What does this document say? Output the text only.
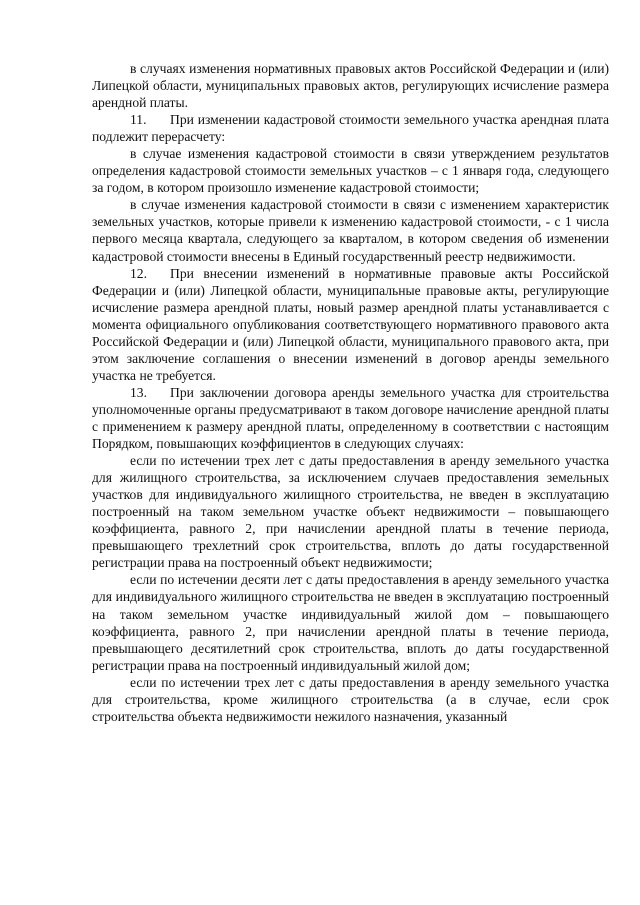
в случаях изменения нормативных правовых актов Российской Федерации и (или) Липецкой области, муниципальных правовых актов, регулирующих исчисление размера арендной платы.

11. При изменении кадастровой стоимости земельного участка арендная плата подлежит перерасчету:

в случае изменения кадастровой стоимости в связи утверждением результатов определения кадастровой стоимости земельных участков – с 1 января года, следующего за годом, в котором произошло изменение кадастровой стоимости;

в случае изменения кадастровой стоимости в связи с изменением характеристик земельных участков, которые привели к изменению кадастровой стоимости, - с 1 числа первого месяца квартала, следующего за кварталом, в котором сведения об изменении кадастровой стоимости внесены в Единый государственный реестр недвижимости.

12. При внесении изменений в нормативные правовые акты Российской Федерации и (или) Липецкой области, муниципальные правовые акты, регулирующие исчисление размера арендной платы, новый размер арендной платы устанавливается с момента официального опубликования соответствующего нормативного правового акта Российской Федерации и (или) Липецкой области, муниципального правового акта, при этом заключение соглашения о внесении изменений в договор аренды земельного участка не требуется.

13. При заключении договора аренды земельного участка для строительства уполномоченные органы предусматривают в таком договоре начисление арендной платы с применением к размеру арендной платы, определенному в соответствии с настоящим Порядком, повышающих коэффициентов в следующих случаях:

если по истечении трех лет с даты предоставления в аренду земельного участка для жилищного строительства, за исключением случаев предоставления земельных участков для индивидуального жилищного строительства, не введен в эксплуатацию построенный на таком земельном участке объект недвижимости – повышающего коэффициента, равного 2, при начислении арендной платы в течение периода, превышающего трехлетний срок строительства, вплоть до даты государственной регистрации права на построенный объект недвижимости;

если по истечении десяти лет с даты предоставления в аренду земельного участка для индивидуального жилищного строительства не введен в эксплуатацию построенный на таком земельном участке индивидуальный жилой дом – повышающего коэффициента, равного 2, при начислении арендной платы в течение периода, превышающего десятилетний срок строительства, вплоть до даты государственной регистрации права на построенный индивидуальный жилой дом;

если по истечении трех лет с даты предоставления в аренду земельного участка для строительства, кроме жилищного строительства (а в случае, если срок строительства объекта недвижимости нежилого назначения, указанный
